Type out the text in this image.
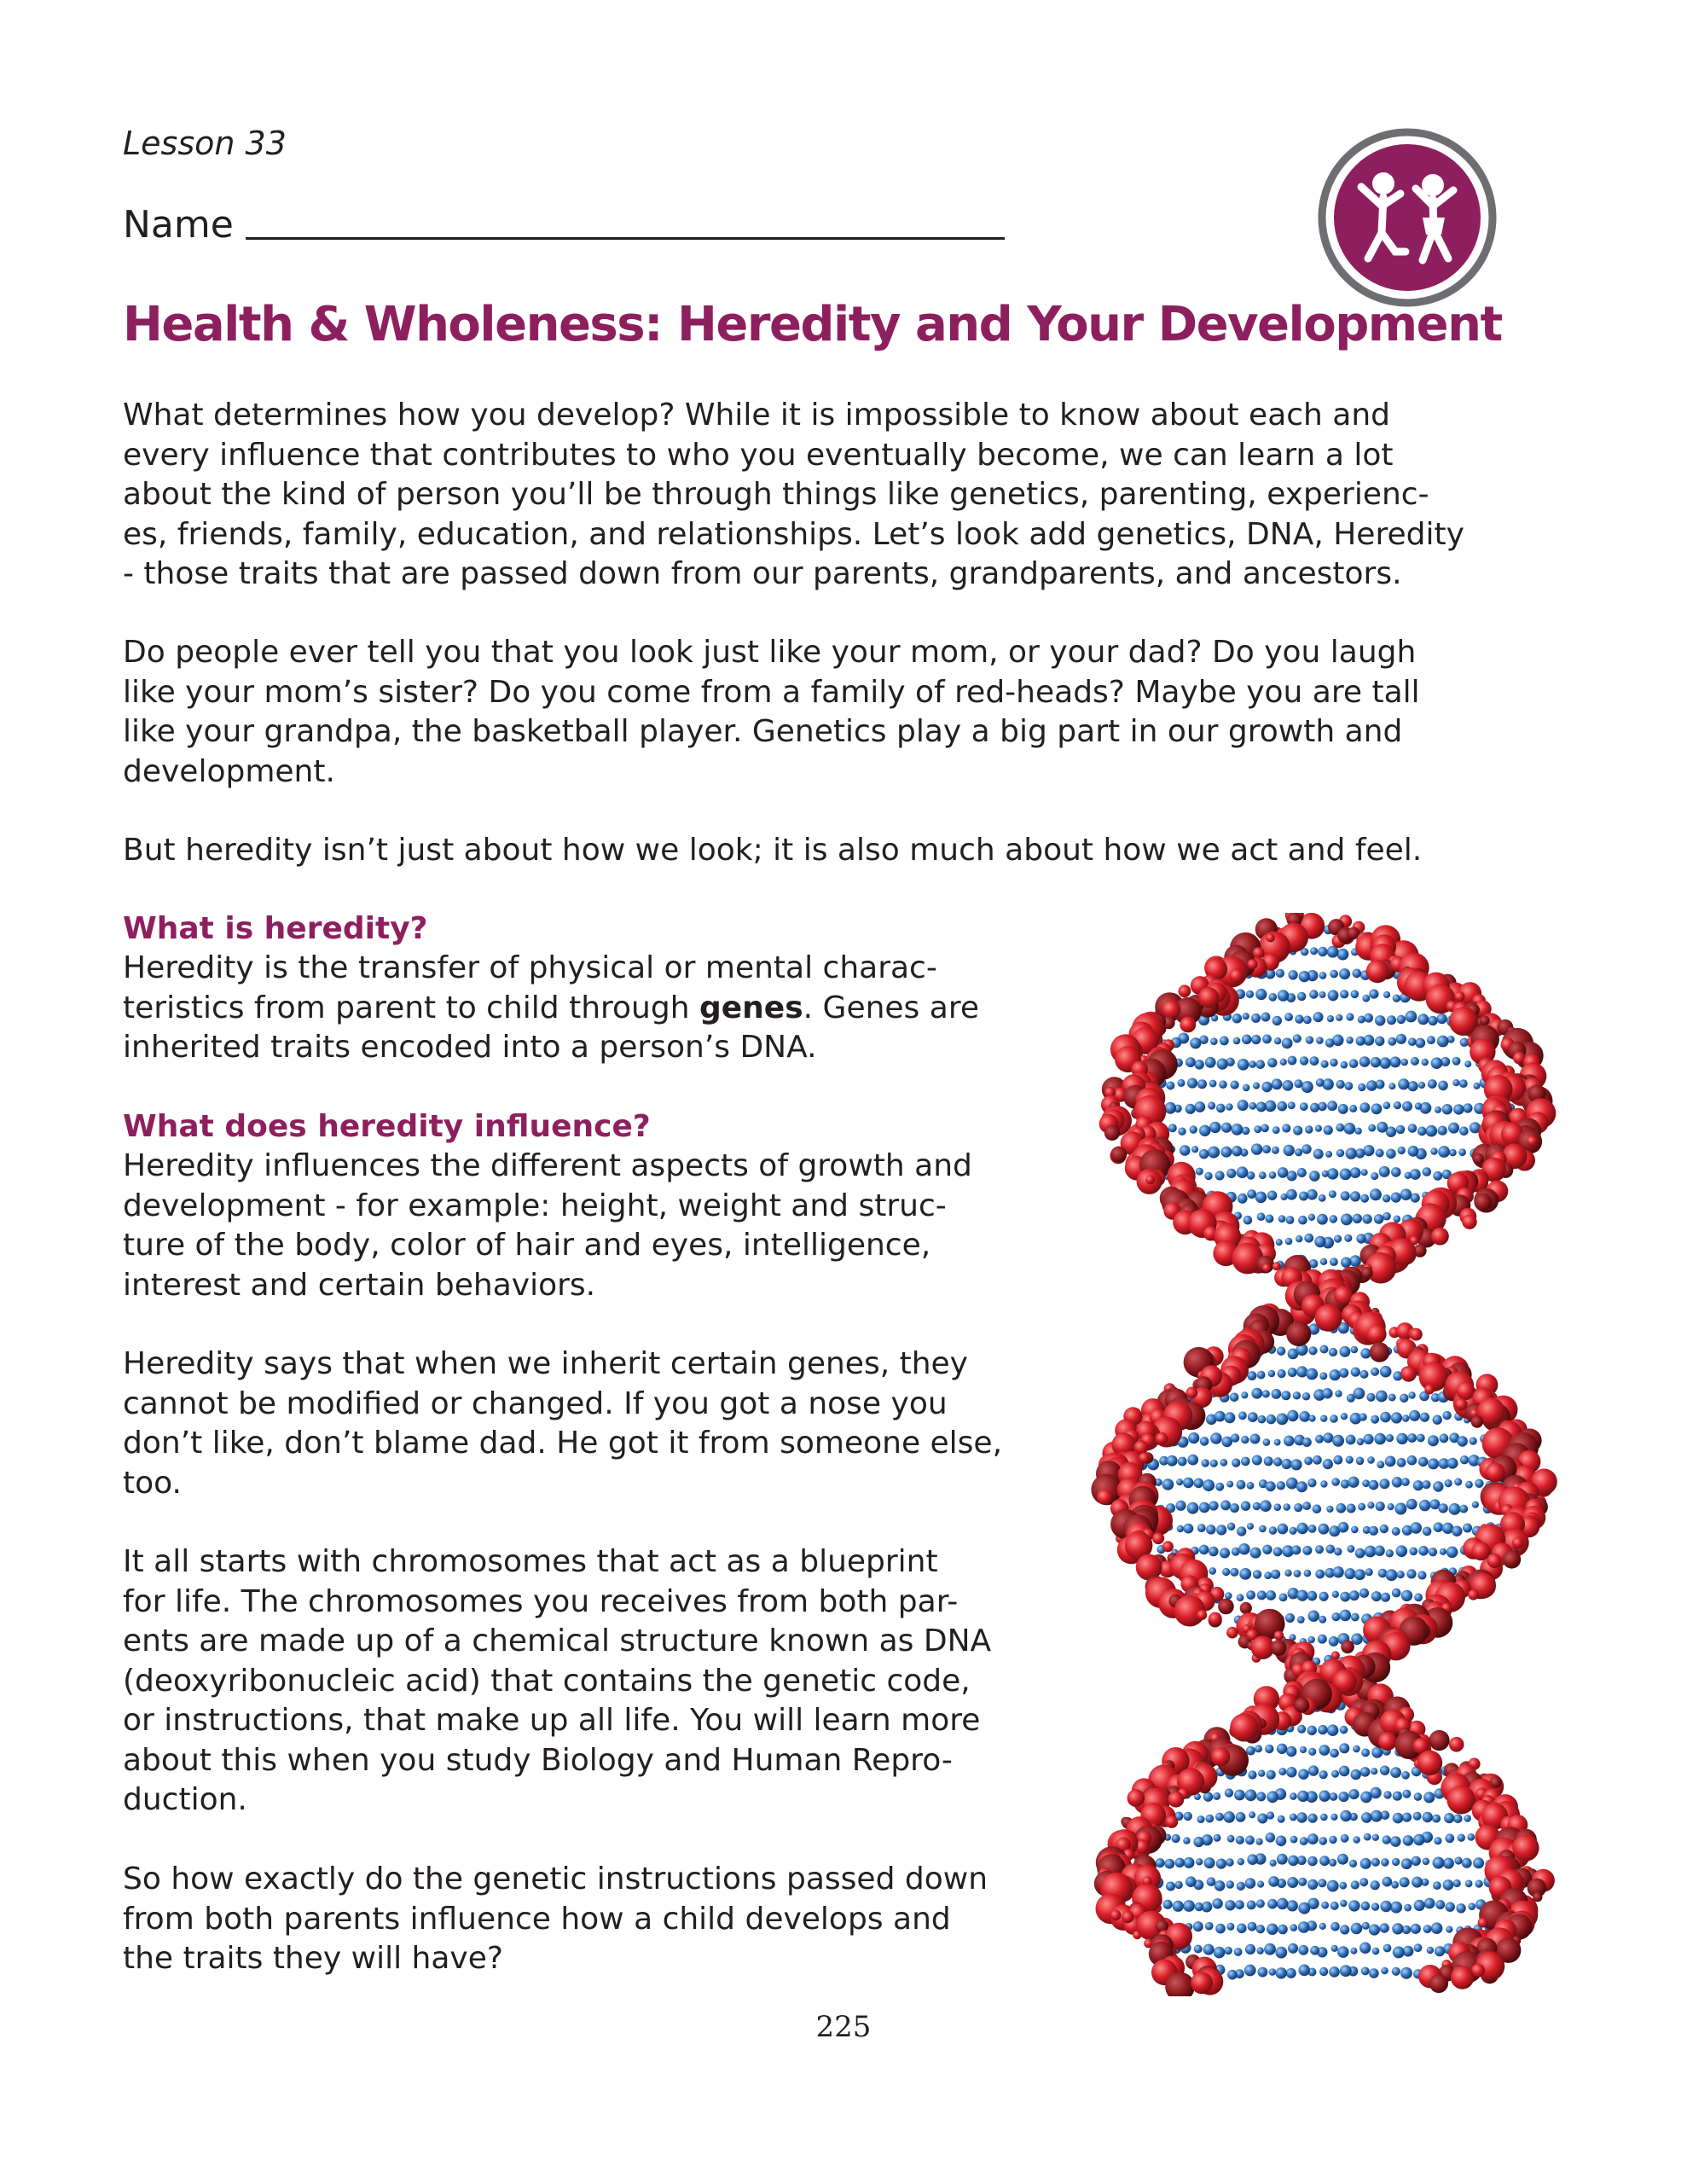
Lesson 33
Name
Health & Wholeness: Heredity and Your Development
What determines how you develop? While it is impossible to know about each and
every influence that contributes to who you eventually become, we can learn a lot
about the kind of person you’ll be through things like genetics, parenting, experienc-
es, friends, family, education, and relationships. Let’s look add genetics, DNA, Heredity
- those traits that are passed down from our parents, grandparents, and ancestors.
Do people ever tell you that you look just like your mom, or your dad? Do you laugh
like your mom’s sister? Do you come from a family of red-heads? Maybe you are tall
like your grandpa, the basketball player. Genetics play a big part in our growth and
development.
But heredity isn’t just about how we look; it is also much about how we act and feel.
What is heredity?
Heredity is the transfer of physical or mental charac-
teristics from parent to child through genes. Genes are
inherited traits encoded into a person’s DNA.
What does heredity influence?
Heredity influences the different aspects of growth and
development - for example: height, weight and struc-
ture of the body, color of hair and eyes, intelligence,
interest and certain behaviors.
Heredity says that when we inherit certain genes, they
cannot be modified or changed. If you got a nose you
don’t like, don’t blame dad. He got it from someone else,
too.
It all starts with chromosomes that act as a blueprint
for life. The chromosomes you receives from both par-
ents are made up of a chemical structure known as DNA
(deoxyribonucleic acid) that contains the genetic code,
or instructions, that make up all life. You will learn more
about this when you study Biology and Human Repro-
duction.
So how exactly do the genetic instructions passed down
from both parents influence how a child develops and
the traits they will have?
225
